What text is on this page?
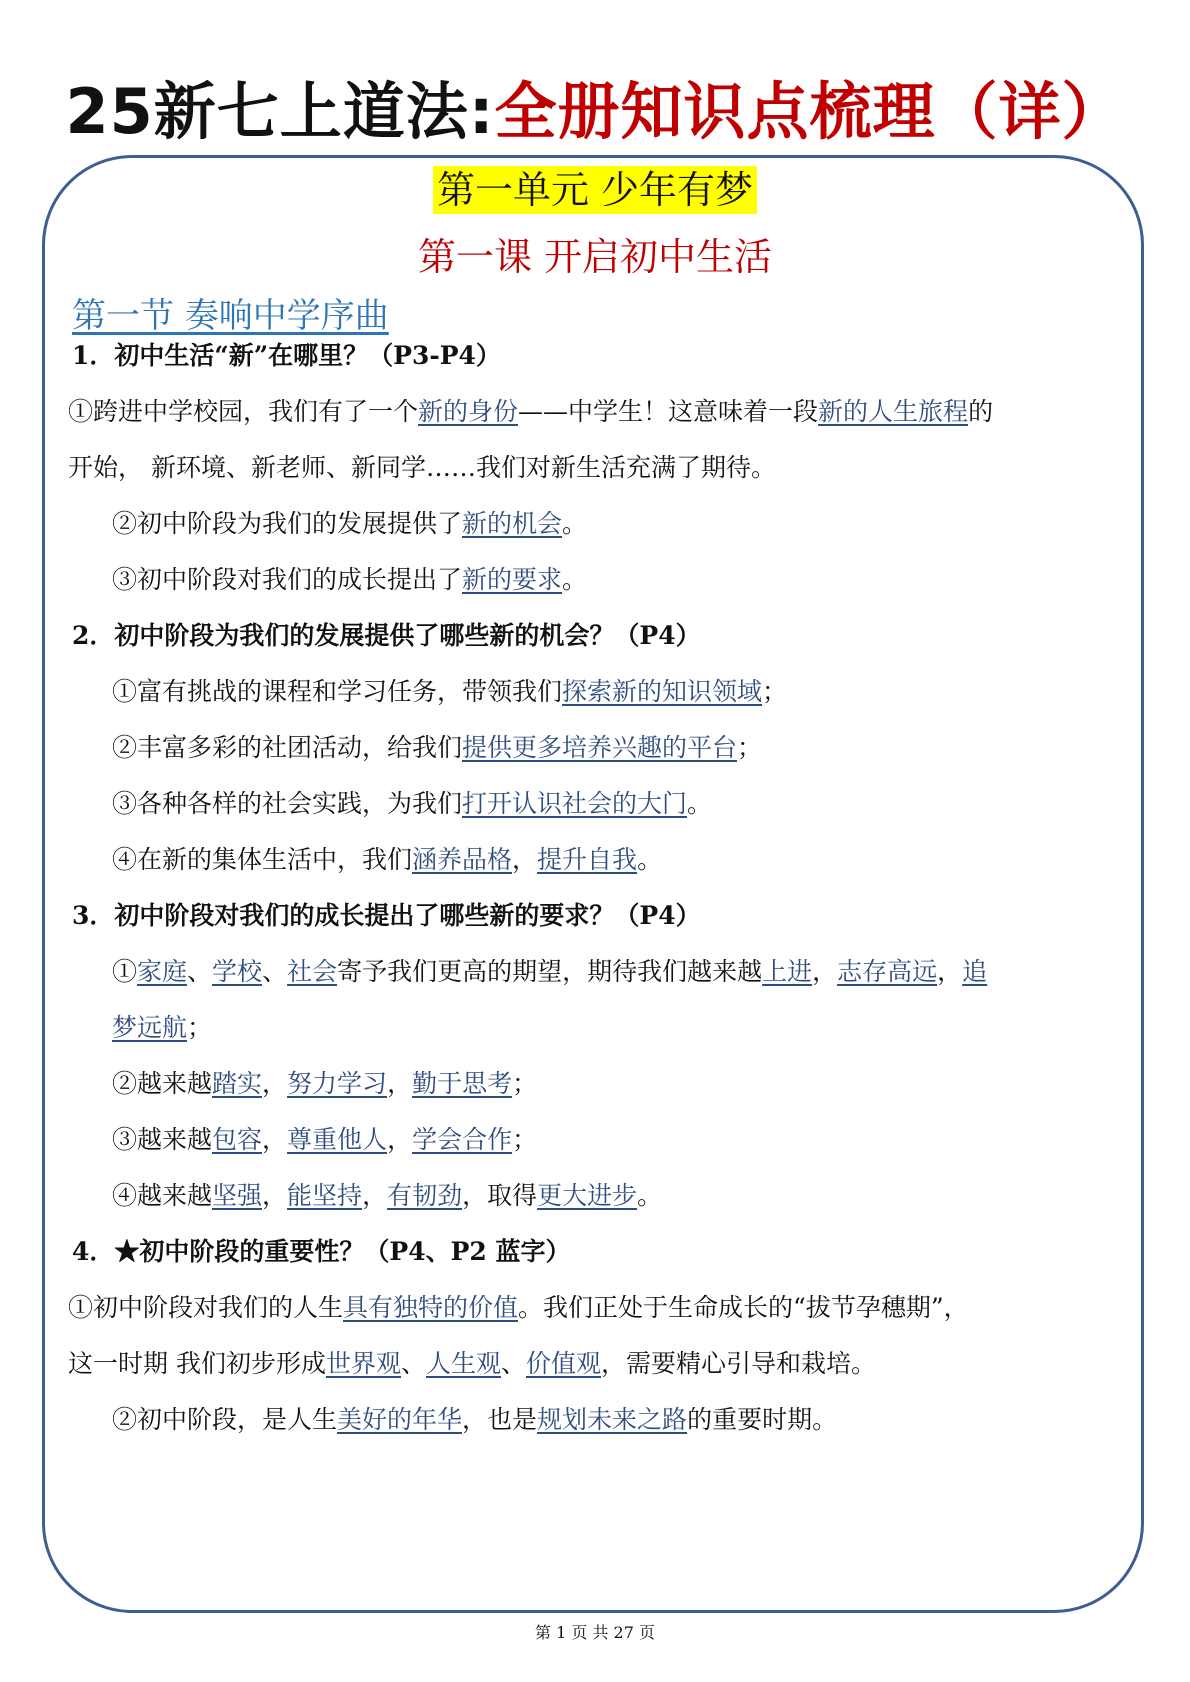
25新七上道法:全册知识点梳理（详）
第一单元 少年有梦
第一课 开启初中生活
第一节 奏响中学序曲
1．初中生活“新”在哪里？（P3-P4）
①跨进中学校园，我们有了一个新的身份——中学生！这意味着一段新的人生旅程的
开始， 新环境、新老师、新同学……我们对新生活充满了期待。
②初中阶段为我们的发展提供了新的机会。
③初中阶段对我们的成长提出了新的要求。
2．初中阶段为我们的发展提供了哪些新的机会？（P4）
①富有挑战的课程和学习任务，带领我们探索新的知识领域；
②丰富多彩的社团活动，给我们提供更多培养兴趣的平台；
③各种各样的社会实践，为我们打开认识社会的大门。
④在新的集体生活中，我们涵养品格，提升自我。
3．初中阶段对我们的成长提出了哪些新的要求？（P4）
①家庭、学校、社会寄予我们更高的期望，期待我们越来越上进，志存高远，追
梦远航；
②越来越踏实，努力学习，勤于思考；
③越来越包容，尊重他人，学会合作；
④越来越坚强，能坚持，有韧劲，取得更大进步。
4．★初中阶段的重要性？（P4、P2 蓝字）
①初中阶段对我们的人生具有独特的价值。我们正处于生命成长的“拔节孕穗期”，
这一时期 我们初步形成世界观、人生观、价值观，需要精心引导和栽培。
②初中阶段，是人生美好的年华，也是规划未来之路的重要时期。
第 1 页 共 27 页
